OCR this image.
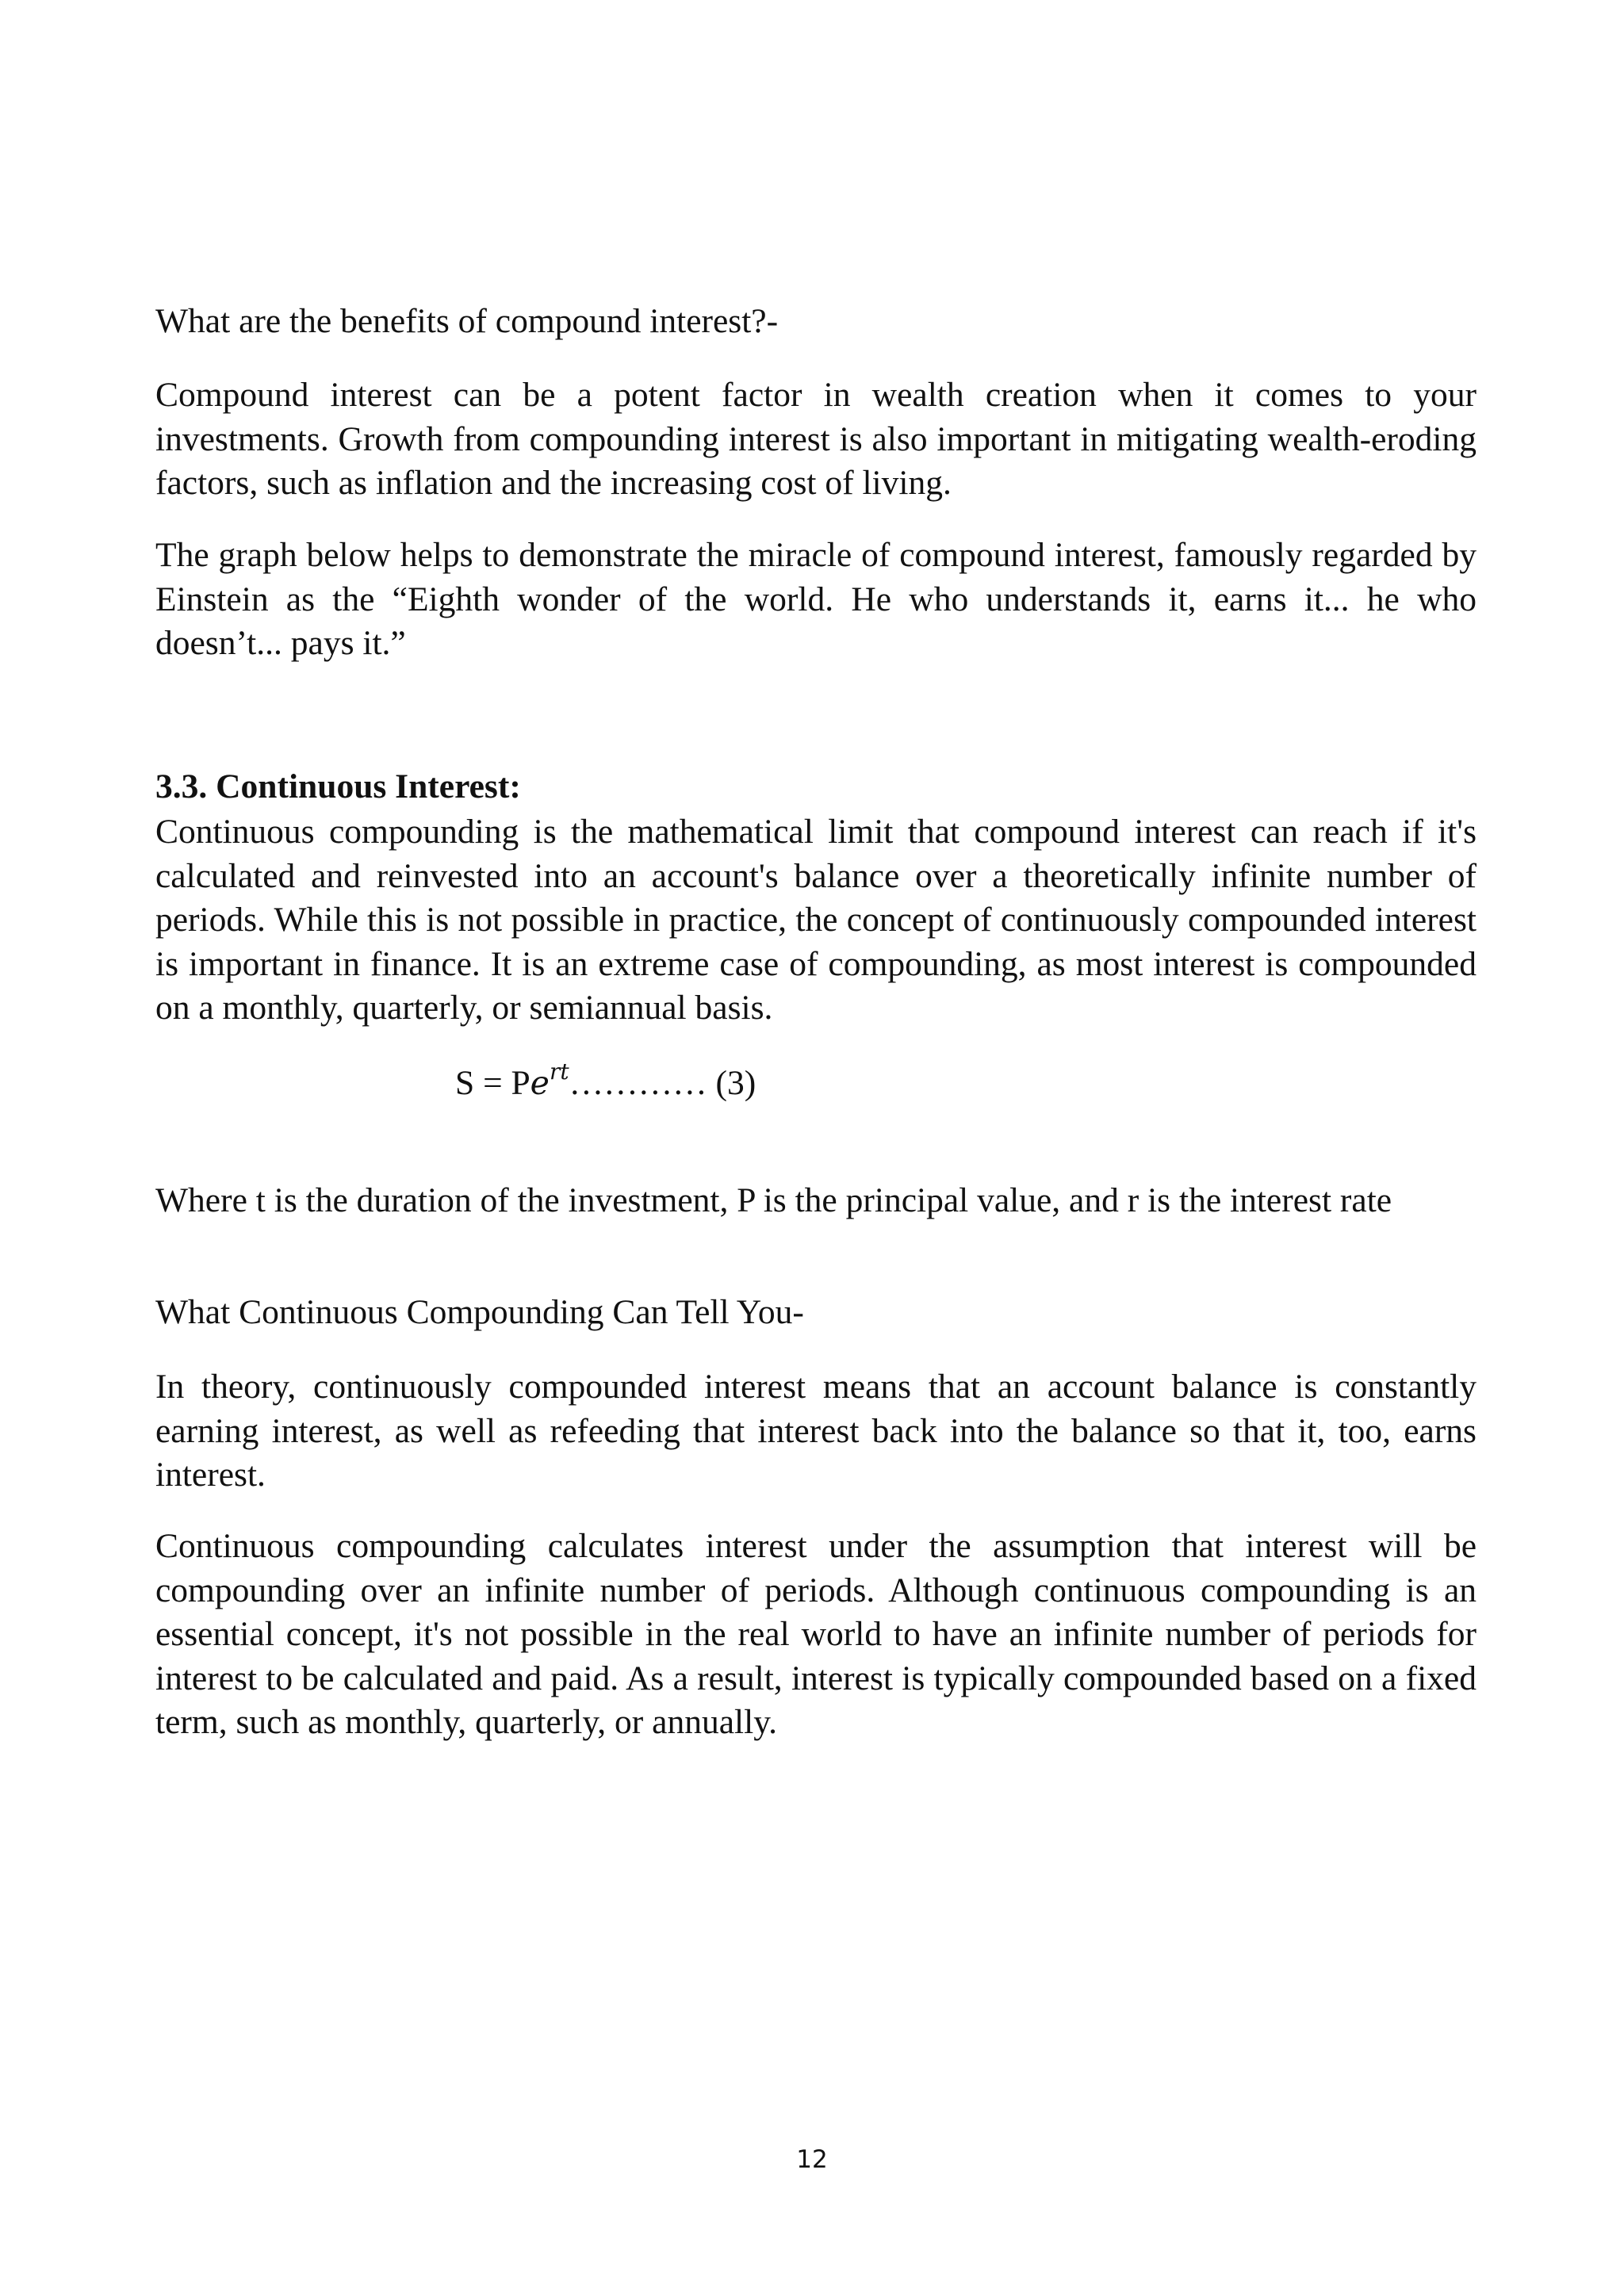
What are the benefits of compound interest?-

Compound interest can be a potent factor in wealth creation when it comes to your investments. Growth from compounding interest is also important in mitigating wealth-eroding factors, such as inflation and the increasing cost of living.

The graph below helps to demonstrate the miracle of compound interest, famously regarded by Einstein as the “Eighth wonder of the world. He who understands it, earns it... he who doesn’t... pays it.”

3.3. Continuous Interest:

Continuous compounding is the mathematical limit that compound interest can reach if it's calculated and reinvested into an account's balance over a theoretically infinite number of periods. While this is not possible in practice, the concept of continuously compounded interest is important in finance. It is an extreme case of compounding, as most interest is compounded on a monthly, quarterly, or semiannual basis.

$S = Pe^{rt}\dots\dots\dots\dots$ (3)

Where t is the duration of the investment, P is the principal value, and r is the interest rate

What Continuous Compounding Can Tell You-

In theory, continuously compounded interest means that an account balance is constantly earning interest, as well as refeeding that interest back into the balance so that it, too, earns interest.

Continuous compounding calculates interest under the assumption that interest will be compounding over an infinite number of periods. Although continuous compounding is an essential concept, it's not possible in the real world to have an infinite number of periods for interest to be calculated and paid. As a result, interest is typically compounded based on a fixed term, such as monthly, quarterly, or annually.

12
